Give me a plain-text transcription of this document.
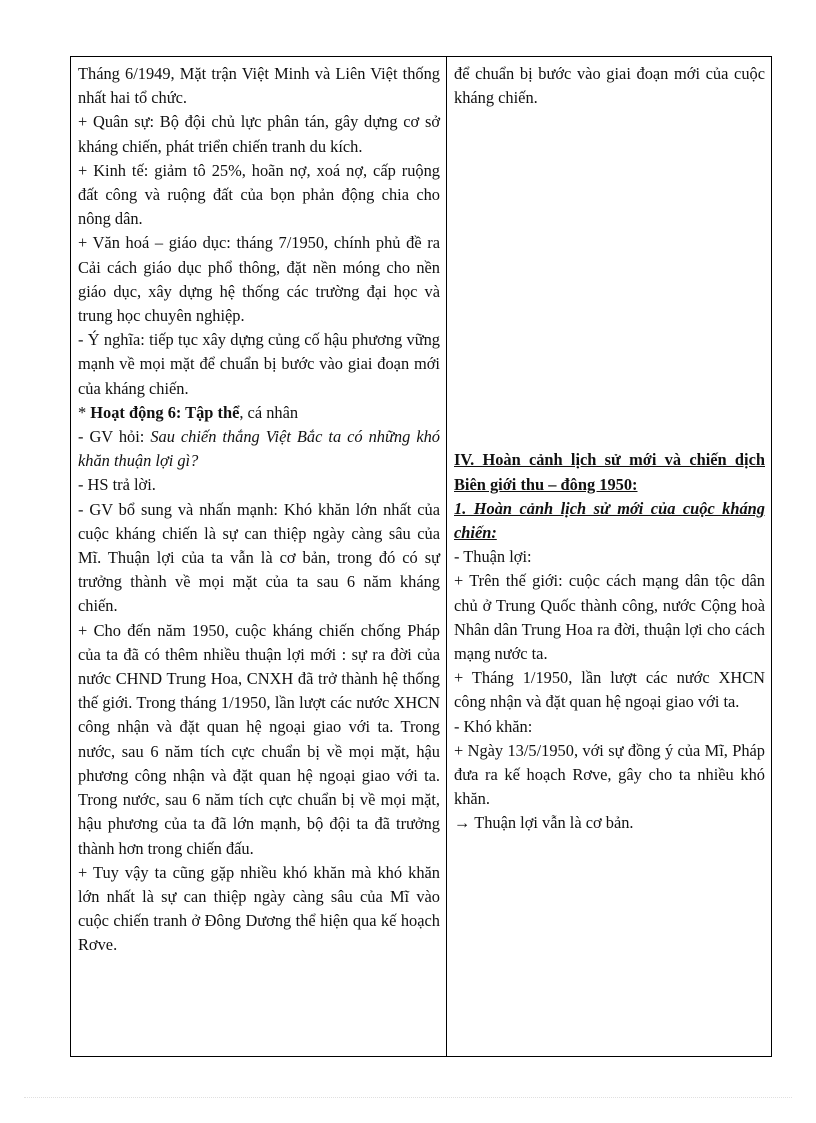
Tháng 6/1949, Mặt trận Việt Minh và Liên Việt thống nhất hai tổ chức.

+ Quân sự: Bộ đội chủ lực phân tán, gây dựng cơ sở kháng chiến, phát triển chiến tranh du kích.

+ Kinh tế: giảm tô 25%, hoãn nợ, xoá nợ, cấp ruộng đất công và ruộng đất của bọn phản động chia cho nông dân.

+ Văn hoá – giáo dục: tháng 7/1950, chính phủ đề ra Cải cách giáo dục phổ thông, đặt nền móng cho nền giáo dục, xây dựng hệ thống các trường đại học và trung học chuyên nghiệp.

- Ý nghĩa: tiếp tục xây dựng củng cố hậu phương vững mạnh về mọi mặt để chuẩn bị bước vào giai đoạn mới của kháng chiến.

* Hoạt động 6: Tập thể, cá nhân

- GV hỏi: Sau chiến thắng Việt Bắc ta có những khó khăn thuận lợi gì?

- HS trả lời.

- GV bổ sung và nhấn mạnh: Khó khăn lớn nhất của cuộc kháng chiến là sự can thiệp ngày càng sâu của Mĩ. Thuận lợi của ta vẫn là cơ bản, trong đó có sự trưởng thành về mọi mặt của ta sau 6 năm kháng chiến.

+ Cho đến năm 1950, cuộc kháng chiến chống Pháp của ta đã có thêm nhiều thuận lợi mới : sự ra đời của nước CHND Trung Hoa, CNXH đã trở thành hệ thống thế giới. Trong tháng 1/1950, lần lượt các nước XHCN công nhận và đặt quan hệ ngoại giao với ta. Trong nước, sau 6 năm tích cực chuẩn bị về mọi mặt, hậu phương công nhận và đặt quan hệ ngoại giao với ta. Trong nước, sau 6 năm tích cực chuẩn bị về mọi mặt, hậu phương của ta đã lớn mạnh, bộ đội ta đã trưởng thành hơn trong chiến đấu.

+ Tuy vậy ta cũng gặp nhiều khó khăn mà khó khăn lớn nhất là sự can thiệp ngày càng sâu của Mĩ vào cuộc chiến tranh ở Đông Dương thể hiện qua kế hoạch Rơve.

để chuẩn bị bước vào giai đoạn mới của cuộc kháng chiến.

IV. Hoàn cảnh lịch sử mới và chiến dịch Biên giới thu – đông 1950:

1. Hoàn cảnh lịch sử mới của cuộc kháng chiến:

- Thuận lợi:

+ Trên thế giới: cuộc cách mạng dân tộc dân chủ ở Trung Quốc thành công, nước Cộng hoà Nhân dân Trung Hoa ra đời, thuận lợi cho cách mạng nước ta.

+ Tháng 1/1950, lần lượt các nước XHCN công nhận và đặt quan hệ ngoại giao với ta.

- Khó khăn:

+ Ngày 13/5/1950, với sự đồng ý của Mĩ, Pháp đưa ra kế hoạch Rơve, gây cho ta nhiều khó khăn.

→ Thuận lợi vẫn là cơ bản.
